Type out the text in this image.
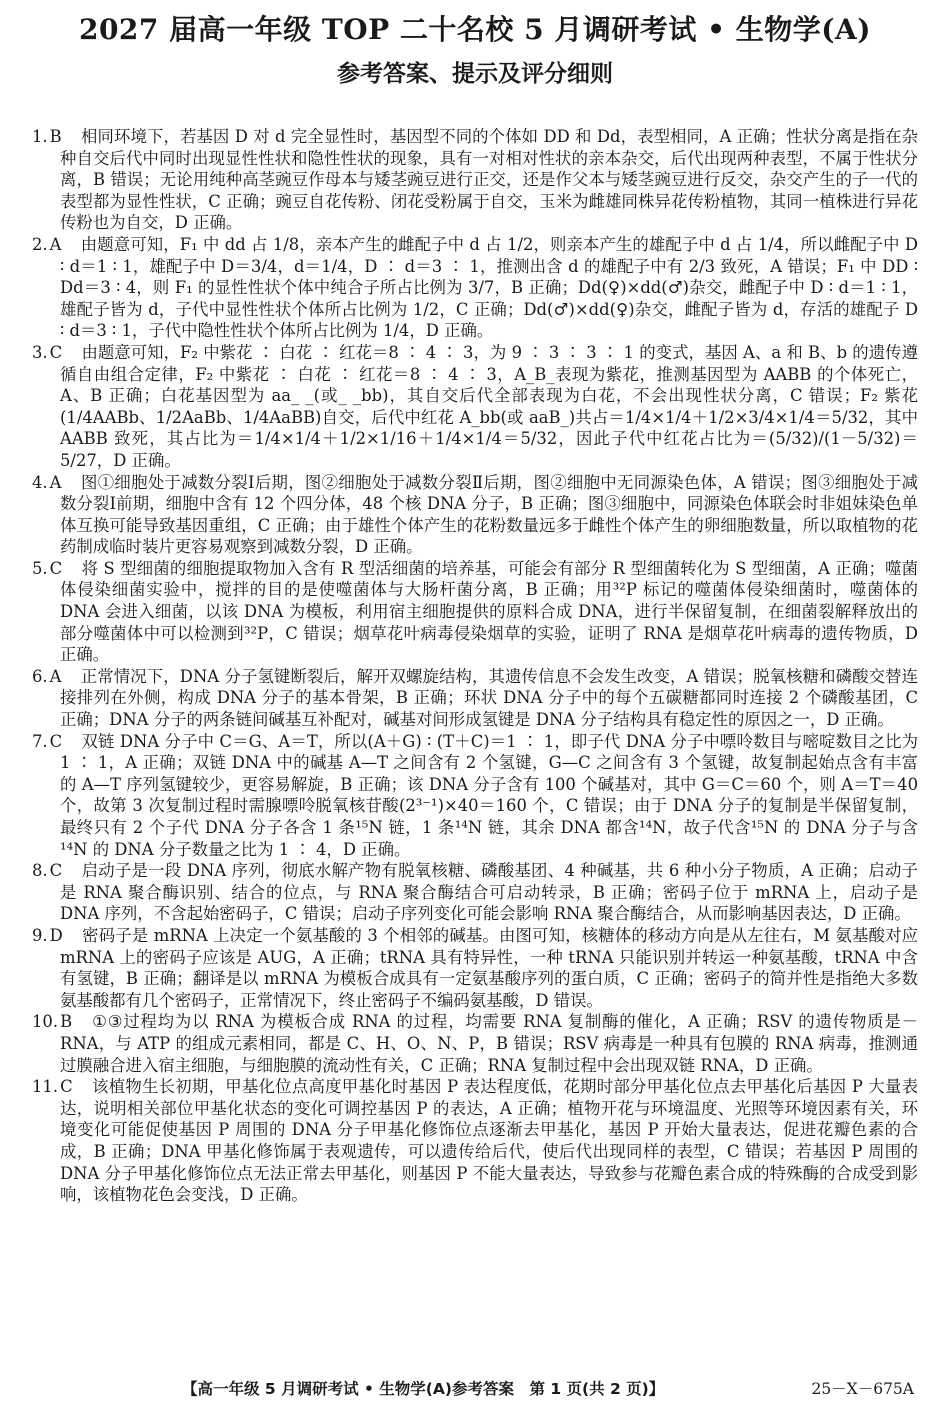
2027 届高一年级 TOP 二十名校 5 月调研考试 • 生物学(A)
参考答案、提示及评分细则

1. B 相同环境下，若基因 D 对 d 完全显性时，基因型不同的个体如 DD 和 Dd，表型相同，A 正确；性状分离是指在杂种自交后代中同时出现显性性状和隐性性状的现象，具有一对相对性状的亲本杂交，后代出现两种表型，不属于性状分离，B 错误；无论用纯种高茎豌豆作母本与矮茎豌豆进行正交，还是作父本与矮茎豌豆进行反交，杂交产生的子一代的表型都为显性性状，C 正确；豌豆自花传粉、闭花受粉属于自交，玉米为雌雄同株异花传粉植物，其同一植株进行异花传粉也为自交，D 正确。

2. A 由题意可知，F₁ 中 dd 占 1/8，亲本产生的雌配子中 d 占 1/2，则亲本产生的雄配子中 d 占 1/4，所以雌配子中 D ∶ d＝1 ∶ 1，雄配子中 D＝3/4，d＝1/4，D ∶ d＝3 ∶ 1，推测出含 d 的雄配子中有 2/3 致死，A 错误；F₁ 中 DD ∶ Dd＝3 ∶ 4，则 F₁ 的显性性状个体中纯合子所占比例为 3/7，B 正确；Dd(♀)×dd(♂)杂交，雌配子中 D ∶ d＝1 ∶ 1，雄配子皆为 d，子代中显性性状个体所占比例为 1/2，C 正确；Dd(♂)×dd(♀)杂交，雌配子皆为 d，存活的雄配子 D ∶ d＝3 ∶ 1，子代中隐性性状个体所占比例为 1/4，D 正确。

3. C 由题意可知，F₂ 中紫花 ∶ 白花 ∶ 红花＝8 ∶ 4 ∶ 3，为 9 ∶ 3 ∶ 3 ∶ 1 的变式，基因 A、a 和 B、b 的遗传遵循自由组合定律，F₂ 中紫花 ∶ 白花 ∶ 红花＝8 ∶ 4 ∶ 3，A_B_表现为紫花，推测基因型为 AABB 的个体死亡，A、B 正确；白花基因型为 aa_ _(或_ _bb)，其自交后代全部表现为白花，不会出现性状分离，C 错误；F₂ 紫花(1/4AABb、1/2AaBb、1/4AaBB)自交，后代中红花 A_bb(或 aaB_)共占＝1/4×1/4＋1/2×3/4×1/4＝5/32，其中 AABB 致死，其占比为＝1/4×1/4＋1/2×1/16＋1/4×1/4＝5/32，因此子代中红花占比为＝(5/32)/(1－5/32)＝5/27，D 正确。

4. A 图①细胞处于减数分裂Ⅰ后期，图②细胞处于减数分裂Ⅱ后期，图②细胞中无同源染色体，A 错误；图③细胞处于减数分裂Ⅰ前期，细胞中含有 12 个四分体，48 个核 DNA 分子，B 正确；图③细胞中，同源染色体联会时非姐妹染色单体互换可能导致基因重组，C 正确；由于雄性个体产生的花粉数量远多于雌性个体产生的卵细胞数量，所以取植物的花药制成临时装片更容易观察到减数分裂，D 正确。

5. C 将 S 型细菌的细胞提取物加入含有 R 型活细菌的培养基，可能会有部分 R 型细菌转化为 S 型细菌，A 正确；噬菌体侵染细菌实验中，搅拌的目的是使噬菌体与大肠杆菌分离，B 正确；用³²P 标记的噬菌体侵染细菌时，噬菌体的 DNA 会进入细菌，以该 DNA 为模板，利用宿主细胞提供的原料合成 DNA，进行半保留复制，在细菌裂解释放出的部分噬菌体中可以检测到³²P，C 错误；烟草花叶病毒侵染烟草的实验，证明了 RNA 是烟草花叶病毒的遗传物质，D 正确。

6. A 正常情况下，DNA 分子氢键断裂后，解开双螺旋结构，其遗传信息不会发生改变，A 错误；脱氧核糖和磷酸交替连接排列在外侧，构成 DNA 分子的基本骨架，B 正确；环状 DNA 分子中的每个五碳糖都同时连接 2 个磷酸基团，C 正确；DNA 分子的两条链间碱基互补配对，碱基对间形成氢键是 DNA 分子结构具有稳定性的原因之一，D 正确。

7. C 双链 DNA 分子中 C＝G、A＝T，所以(A＋G) ∶ (T＋C)＝1 ∶ 1，即子代 DNA 分子中嘌呤数目与嘧啶数目之比为 1 ∶ 1，A 正确；双链 DNA 中的碱基 A—T 之间含有 2 个氢键，G—C 之间含有 3 个氢键，故复制起始点含有丰富的 A—T 序列氢键较少，更容易解旋，B 正确；该 DNA 分子含有 100 个碱基对，其中 G＝C＝60 个，则 A＝T＝40 个，故第 3 次复制过程时需腺嘌呤脱氧核苷酸(2³⁻¹)×40＝160 个，C 错误；由于 DNA 分子的复制是半保留复制，最终只有 2 个子代 DNA 分子各含 1 条¹⁵N 链，1 条¹⁴N 链，其余 DNA 都含¹⁴N，故子代含¹⁵N 的 DNA 分子与含¹⁴N 的 DNA 分子数量之比为 1 ∶ 4，D 正确。

8. C 启动子是一段 DNA 序列，彻底水解产物有脱氧核糖、磷酸基团、4 种碱基，共 6 种小分子物质，A 正确；启动子是 RNA 聚合酶识别、结合的位点，与 RNA 聚合酶结合可启动转录，B 正确；密码子位于 mRNA 上，启动子是 DNA 序列，不含起始密码子，C 错误；启动子序列变化可能会影响 RNA 聚合酶结合，从而影响基因表达，D 正确。

9. D 密码子是 mRNA 上决定一个氨基酸的 3 个相邻的碱基。由图可知，核糖体的移动方向是从左往右，M 氨基酸对应 mRNA 上的密码子应该是 AUG，A 正确；tRNA 具有特异性，一种 tRNA 只能识别并转运一种氨基酸，tRNA 中含有氢键，B 正确；翻译是以 mRNA 为模板合成具有一定氨基酸序列的蛋白质，C 正确；密码子的简并性是指绝大多数氨基酸都有几个密码子，正常情况下，终止密码子不编码氨基酸，D 错误。

10. B ①③过程均为以 RNA 为模板合成 RNA 的过程，均需要 RNA 复制酶的催化，A 正确；RSV 的遗传物质是－RNA，与 ATP 的组成元素相同，都是 C、H、O、N、P，B 错误；RSV 病毒是一种具有包膜的 RNA 病毒，推测通过膜融合进入宿主细胞，与细胞膜的流动性有关，C 正确；RNA 复制过程中会出现双链 RNA，D 正确。

11. C 该植物生长初期，甲基化位点高度甲基化时基因 P 表达程度低，花期时部分甲基化位点去甲基化后基因 P 大量表达，说明相关部位甲基化状态的变化可调控基因 P 的表达，A 正确；植物开花与环境温度、光照等环境因素有关，环境变化可能促使基因 P 周围的 DNA 分子甲基化修饰位点逐渐去甲基化，基因 P 开始大量表达，促进花瓣色素的合成，B 正确；DNA 甲基化修饰属于表观遗传，可以遗传给后代，使后代出现同样的表型，C 错误；若基因 P 周围的 DNA 分子甲基化修饰位点无法正常去甲基化，则基因 P 不能大量表达，导致参与花瓣色素合成的特殊酶的合成受到影响，该植物花色会变浅，D 正确。

【高一年级 5 月调研考试 • 生物学(A)参考答案　第 1 页(共 2 页)】	25－X－675A
